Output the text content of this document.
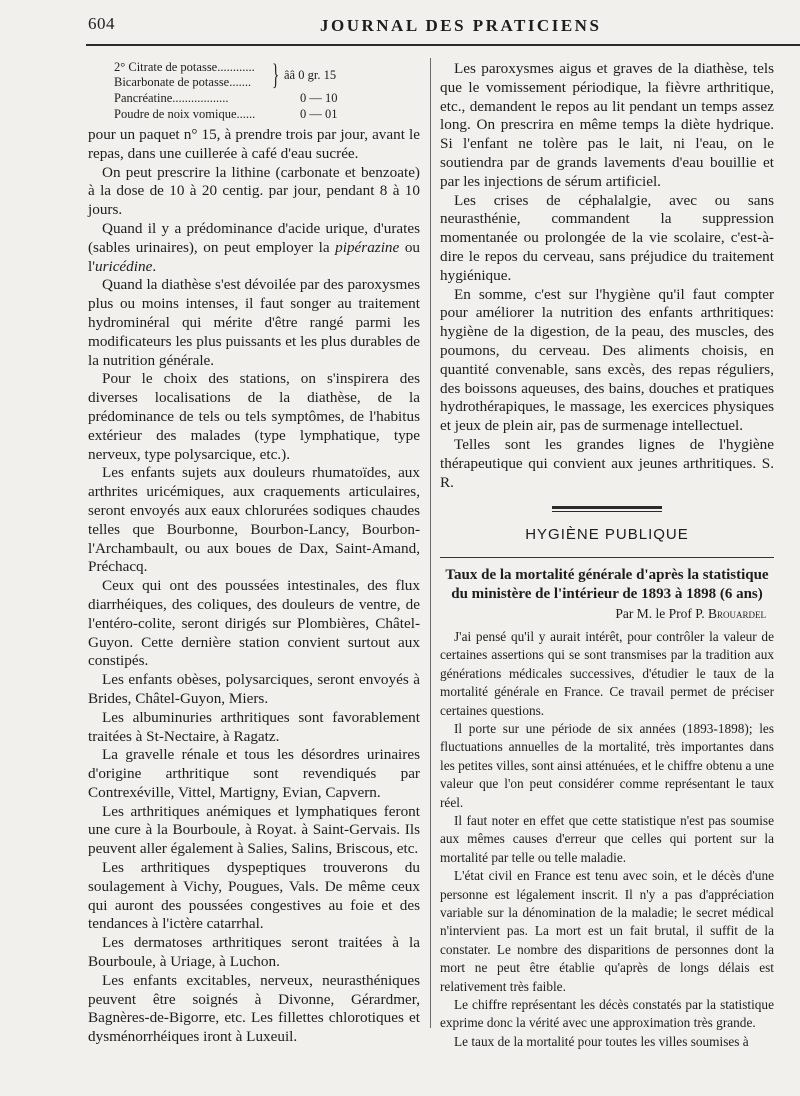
604	JOURNAL DES PRATICIENS
2° Citrate de potasse............
Bicarbonate de potasse....... } ââ 0 gr. 15
Pancréatine..................	0 — 10
Poudre de noix vomique......	0 — 01

pour un paquet n° 15, à prendre trois par jour, avant le repas, dans une cuillerée à café d'eau sucrée.

On peut prescrire la lithine (carbonate et benzoate) à la dose de 10 à 20 centig. par jour, pendant 8 à 10 jours.

Quand il y a prédominance d'acide urique, d'urates (sables urinaires), on peut employer la pipérazine ou l'uricédine.

Quand la diathèse s'est dévoilée par des paroxysmes plus ou moins intenses, il faut songer au traitement hydrominéral qui mérite d'être rangé parmi les modificateurs les plus puissants et les plus durables de la nutrition générale.

Pour le choix des stations, on s'inspirera des diverses localisations de la diathèse, de la prédominance de tels ou tels symptômes, de l'habitus extérieur des malades (type lymphatique, type nerveux, type polysarcique, etc.).

Les enfants sujets aux douleurs rhumatoïdes, aux arthrites uricémiques, aux craquements articulaires, seront envoyés aux eaux chlorurées sodiques chaudes telles que Bourbonne, Bourbon-Lancy, Bourbon-l'Archambault, ou aux boues de Dax, Saint-Amand, Préchacq.

Ceux qui ont des poussées intestinales, des flux diarrhéiques, des coliques, des douleurs de ventre, de l'entéro-colite, seront dirigés sur Plombières, Châtel-Guyon. Cette dernière station convient surtout aux constipés.

Les enfants obèses, polysarciques, seront envoyés à Brides, Châtel-Guyon, Miers.

Les albuminuries arthritiques sont favorablement traitées à St-Nectaire, à Ragatz.

La gravelle rénale et tous les désordres urinaires d'origine arthritique sont revendiqués par Contrexéville, Vittel, Martigny, Evian, Capvern.

Les arthritiques anémiques et lymphatiques feront une cure à la Bourboule, à Royat. à Saint-Gervais. Ils peuvent aller également à Salies, Salins, Briscous, etc.

Les arthritiques dyspeptiques trouverons du soulagement à Vichy, Pougues, Vals. De même ceux qui auront des poussées congestives au foie et des tendances à l'ictère catarrhal.

Les dermatoses arthritiques seront traitées à la Bourboule, à Uriage, à Luchon.

Les enfants excitables, nerveux, neurasthéniques peuvent être soignés à Divonne, Gérardmer, Bagnères-de-Bigorre, etc. Les fillettes chlorotiques et dysménorrhéiques iront à Luxeuil.

Les paroxysmes aigus et graves de la diathèse, tels que le vomissement périodique, la fièvre arthritique, etc., demandent le repos au lit pendant un temps assez long. On prescrira en même temps la diète hydrique. Si l'enfant ne tolère pas le lait, ni l'eau, on le soutiendra par de grands lavements d'eau bouillie et par les injections de sérum artificiel.

Les crises de céphalalgie, avec ou sans neurasthénie, commandent la suppression momentanée ou prolongée de la vie scolaire, c'est-à-dire le repos du cerveau, sans préjudice du traitement hygiénique.

En somme, c'est sur l'hygiène qu'il faut compter pour améliorer la nutrition des enfants arthritiques: hygiène de la digestion, de la peau, des muscles, des poumons, du cerveau. Des aliments choisis, en quantité convenable, sans excès, des repas réguliers, des boissons aqueuses, des bains, douches et pratiques hydrothérapiques, le massage, les exercices physiques et jeux de plein air, pas de surmenage intellectuel.

Telles sont les grandes lignes de l'hygiène thérapeutique qui convient aux jeunes arthritiques. S. R.

HYGIÈNE PUBLIQUE
Taux de la mortalité générale d'après la statistique du ministère de l'intérieur de 1893 à 1898 (6 ans)
Par M. le Prof P. Brouardel

J'ai pensé qu'il y aurait intérêt, pour contrôler la valeur de certaines assertions qui se sont transmises par la tradition aux générations médicales successives, d'étudier le taux de la mortalité générale en France. Ce travail permet de préciser certaines questions.

Il porte sur une période de six années (1893-1898); les fluctuations annuelles de la mortalité, très importantes dans les petites villes, sont ainsi atténuées, et le chiffre obtenu a une valeur que l'on peut considérer comme représentant le taux réel.

Il faut noter en effet que cette statistique n'est pas soumise aux mêmes causes d'erreur que celles qui portent sur la mortalité par telle ou telle maladie.

L'état civil en France est tenu avec soin, et le décès d'une personne est légalement inscrit. Il n'y a pas d'appréciation variable sur la dénomination de la maladie; le secret médical n'intervient pas. La mort est un fait brutal, il suffit de la constater. Le nombre des disparitions de personnes dont la mort ne peut être établie qu'après de longs délais est relativement très faible.

Le chiffre représentant les décès constatés par la statistique exprime donc la vérité avec une approximation très grande.

Le taux de la mortalité pour toutes les villes soumises à
